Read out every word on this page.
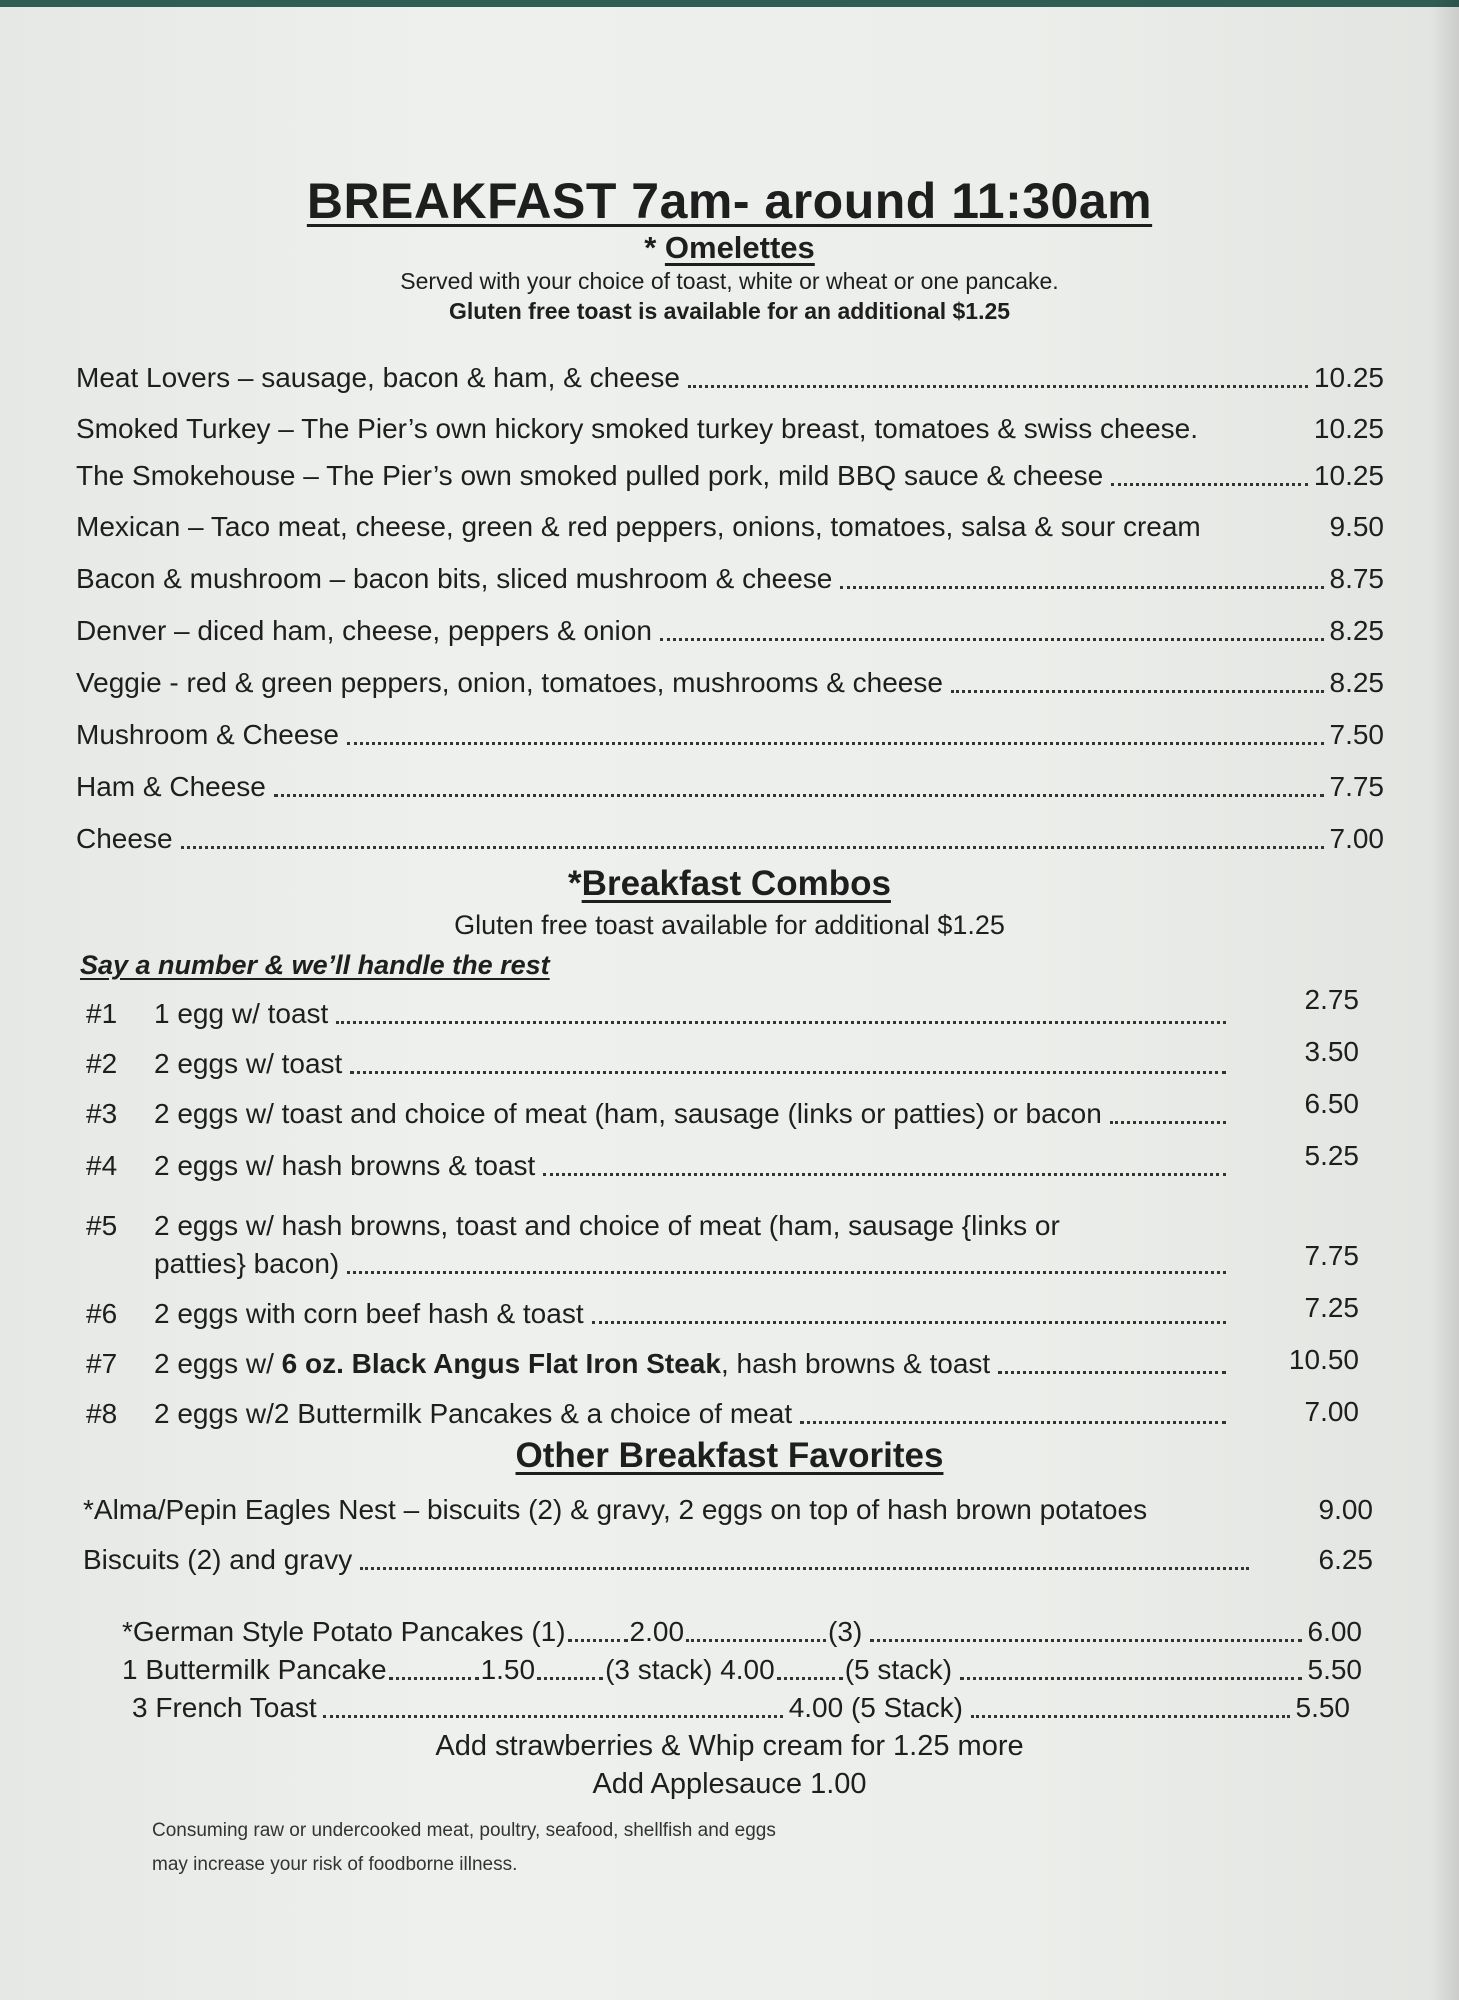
BREAKFAST 7am- around 11:30am
* Omelettes
Served with your choice of toast, white or wheat or one pancake.
Gluten free toast is available for an additional $1.25
Meat Lovers – sausage, bacon & ham, & cheese	10.25
Smoked Turkey – The Pier’s own hickory smoked turkey breast, tomatoes & swiss cheese.	10.25
The Smokehouse – The Pier’s own smoked pulled pork, mild BBQ sauce & cheese	10.25
Mexican – Taco meat, cheese, green & red peppers, onions, tomatoes, salsa & sour cream	9.50
Bacon & mushroom – bacon bits, sliced mushroom & cheese	8.75
Denver – diced ham, cheese, peppers & onion	8.25
Veggie - red & green peppers, onion, tomatoes, mushrooms & cheese	8.25
Mushroom & Cheese	7.50
Ham & Cheese	7.75
Cheese	7.00
*Breakfast Combos
Gluten free toast available for additional $1.25
Say a number & we’ll handle the rest
#1	1 egg w/ toast	2.75
#2	2 eggs w/ toast	3.50
#3	2 eggs w/ toast and choice of meat (ham, sausage (links or patties) or bacon	6.50
#4	2 eggs w/ hash browns & toast	5.25
#5 2 eggs w/ hash browns, toast and choice of meat (ham, sausage {links or
patties} bacon)	7.75
#6	2 eggs with corn beef hash & toast	7.25
#7	2 eggs w/ 6 oz. Black Angus Flat Iron Steak, hash browns & toast	10.50
#8	2 eggs w/2 Buttermilk Pancakes & a choice of meat	7.00
Other Breakfast Favorites
*Alma/Pepin Eagles Nest – biscuits (2) & gravy, 2 eggs on top of hash brown potatoes	9.00
Biscuits (2) and gravy	6.25
*German Style Potato Pancakes (1) 2.00	(3)	6.00
1 Buttermilk Pancake	1.50	(3 stack) 4.00	(5 stack)	5.50
3 French Toast	4.00 (5 Stack)	5.50
Add strawberries & Whip cream for 1.25 more
Add Applesauce 1.00
Consuming raw or undercooked meat, poultry, seafood, shellfish and eggs
may increase your risk of foodborne illness.
